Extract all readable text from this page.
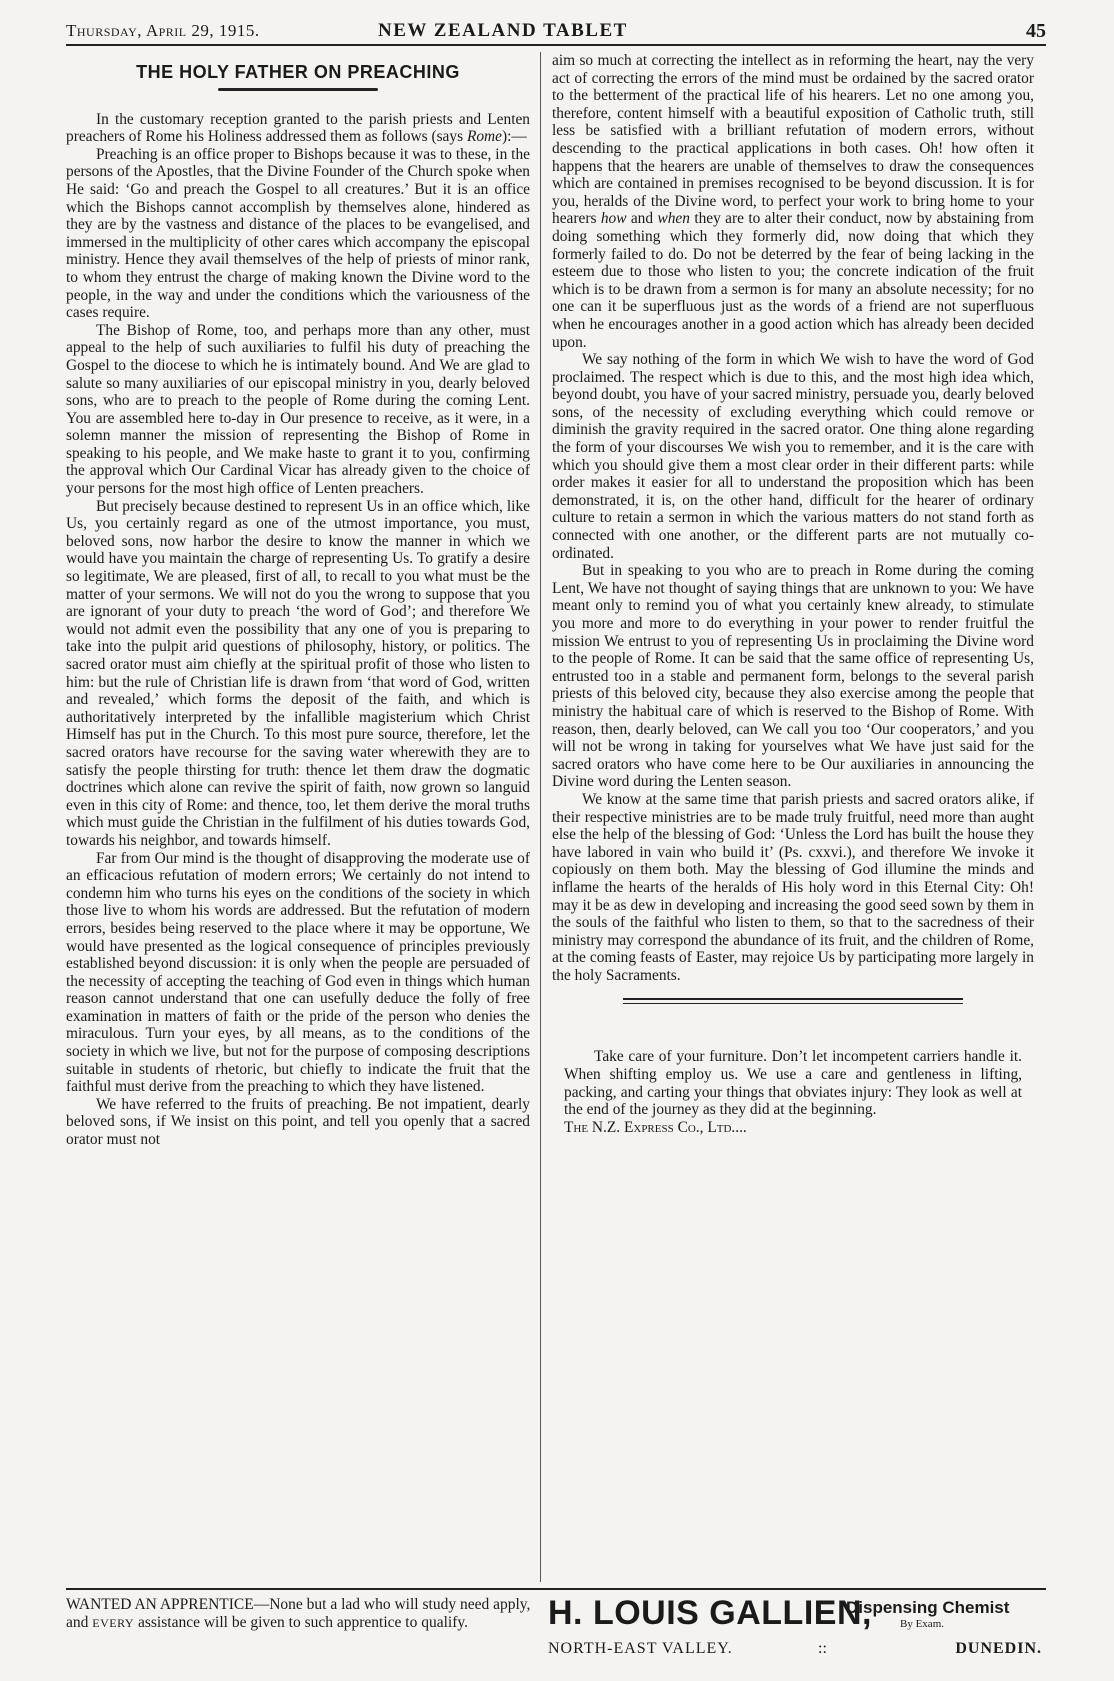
Thursday, April 29, 1915.	NEW ZEALAND TABLET	45
THE HOLY FATHER ON PREACHING

In the customary reception granted to the parish priests and Lenten preachers of Rome his Holiness addressed them as follows (says Rome):—

Preaching is an office proper to Bishops because it was to these, in the persons of the Apostles, that the Divine Founder of the Church spoke when He said: ‘Go and preach the Gospel to all creatures.’ But it is an office which the Bishops cannot accomplish by themselves alone, hindered as they are by the vastness and distance of the places to be evangelised, and immersed in the multiplicity of other cares which accompany the episcopal ministry. Hence they avail themselves of the help of priests of minor rank, to whom they entrust the charge of making known the Divine word to the people, in the way and under the conditions which the variousness of the cases require.

The Bishop of Rome, too, and perhaps more than any other, must appeal to the help of such auxiliaries to fulfil his duty of preaching the Gospel to the diocese to which he is intimately bound. And We are glad to salute so many auxiliaries of our episcopal ministry in you, dearly beloved sons, who are to preach to the people of Rome during the coming Lent. You are assembled here to-day in Our presence to receive, as it were, in a solemn manner the mission of representing the Bishop of Rome in speaking to his people, and We make haste to grant it to you, confirming the approval which Our Cardinal Vicar has already given to the choice of your persons for the most high office of Lenten preachers.

But precisely because destined to represent Us in an office which, like Us, you certainly regard as one of the utmost importance, you must, beloved sons, now harbor the desire to know the manner in which we would have you maintain the charge of representing Us. To gratify a desire so legitimate, We are pleased, first of all, to recall to you what must be the matter of your sermons. We will not do you the wrong to suppose that you are ignorant of your duty to preach ‘the word of God’; and therefore We would not admit even the possibility that any one of you is preparing to take into the pulpit arid questions of philosophy, history, or politics. The sacred orator must aim chiefly at the spiritual profit of those who listen to him: but the rule of Christian life is drawn from ‘that word of God, written and revealed,’ which forms the deposit of the faith, and which is authoritatively interpreted by the infallible magisterium which Christ Himself has put in the Church. To this most pure source, therefore, let the sacred orators have recourse for the saving water wherewith they are to satisfy the people thirsting for truth: thence let them draw the dogmatic doctrines which alone can revive the spirit of faith, now grown so languid even in this city of Rome: and thence, too, let them derive the moral truths which must guide the Christian in the fulfilment of his duties towards God, towards his neighbor, and towards himself.

Far from Our mind is the thought of disapproving the moderate use of an efficacious refutation of modern errors; We certainly do not intend to condemn him who turns his eyes on the conditions of the society in which those live to whom his words are addressed. But the refutation of modern errors, besides being reserved to the place where it may be opportune, We would have presented as the logical consequence of principles previously established beyond discussion: it is only when the people are persuaded of the necessity of accepting the teaching of God even in things which human reason cannot understand that one can usefully deduce the folly of free examination in matters of faith or the pride of the person who denies the miraculous. Turn your eyes, by all means, as to the conditions of the society in which we live, but not for the purpose of composing descriptions suitable in students of rhetoric, but chiefly to indicate the fruit that the faithful must derive from the preaching to which they have listened.

We have referred to the fruits of preaching. Be not impatient, dearly beloved sons, if We insist on this point, and tell you openly that a sacred orator must not

aim so much at correcting the intellect as in reforming the heart, nay the very act of correcting the errors of the mind must be ordained by the sacred orator to the betterment of the practical life of his hearers. Let no one among you, therefore, content himself with a beautiful exposition of Catholic truth, still less be satisfied with a brilliant refutation of modern errors, without descending to the practical applications in both cases. Oh! how often it happens that the hearers are unable of themselves to draw the consequences which are contained in premises recognised to be beyond discussion. It is for you, heralds of the Divine word, to perfect your work to bring home to your hearers how and when they are to alter their conduct, now by abstaining from doing something which they formerly did, now doing that which they formerly failed to do. Do not be deterred by the fear of being lacking in the esteem due to those who listen to you; the concrete indication of the fruit which is to be drawn from a sermon is for many an absolute necessity; for no one can it be superfluous just as the words of a friend are not superfluous when he encourages another in a good action which has already been decided upon.

We say nothing of the form in which We wish to have the word of God proclaimed. The respect which is due to this, and the most high idea which, beyond doubt, you have of your sacred ministry, persuade you, dearly beloved sons, of the necessity of excluding everything which could remove or diminish the gravity required in the sacred orator. One thing alone regarding the form of your discourses We wish you to remember, and it is the care with which you should give them a most clear order in their different parts: while order makes it easier for all to understand the proposition which has been demonstrated, it is, on the other hand, difficult for the hearer of ordinary culture to retain a sermon in which the various matters do not stand forth as connected with one another, or the different parts are not mutually co-ordinated.

But in speaking to you who are to preach in Rome during the coming Lent, We have not thought of saying things that are unknown to you: We have meant only to remind you of what you certainly knew already, to stimulate you more and more to do everything in your power to render fruitful the mission We entrust to you of representing Us in proclaiming the Divine word to the people of Rome. It can be said that the same office of representing Us, entrusted too in a stable and permanent form, belongs to the several parish priests of this beloved city, because they also exercise among the people that ministry the habitual care of which is reserved to the Bishop of Rome. With reason, then, dearly beloved, can We call you too ‘Our cooperators,’ and you will not be wrong in taking for yourselves what We have just said for the sacred orators who have come here to be Our auxiliaries in announcing the Divine word during the Lenten season.

We know at the same time that parish priests and sacred orators alike, if their respective ministries are to be made truly fruitful, need more than aught else the help of the blessing of God: ‘Unless the Lord has built the house they have labored in vain who build it’ (Ps. cxxvi.), and therefore We invoke it copiously on them both. May the blessing of God illumine the minds and inflame the hearts of the heralds of His holy word in this Eternal City: Oh! may it be as dew in developing and increasing the good seed sown by them in the souls of the faithful who listen to them, so that to the sacredness of their ministry may correspond the abundance of its fruit, and the children of Rome, at the coming feasts of Easter, may rejoice Us by participating more largely in the holy Sacraments.

Take care of your furniture. Don’t let incompetent carriers handle it. When shifting employ us. We use a care and gentleness in lifting, packing, and carting your things that obviates injury: They look as well at the end of the journey as they did at the beginning.

The N.Z. Express Co., Ltd....

WANTED AN APPRENTICE—None but a lad who will study need apply, and EVERY assistance will be given to such apprentice to qualify.	H. LOUIS GALLIEN,
Dispensing Chemist
By Exam.
NORTH-EAST VALLEY.	::	DUNEDIN.
